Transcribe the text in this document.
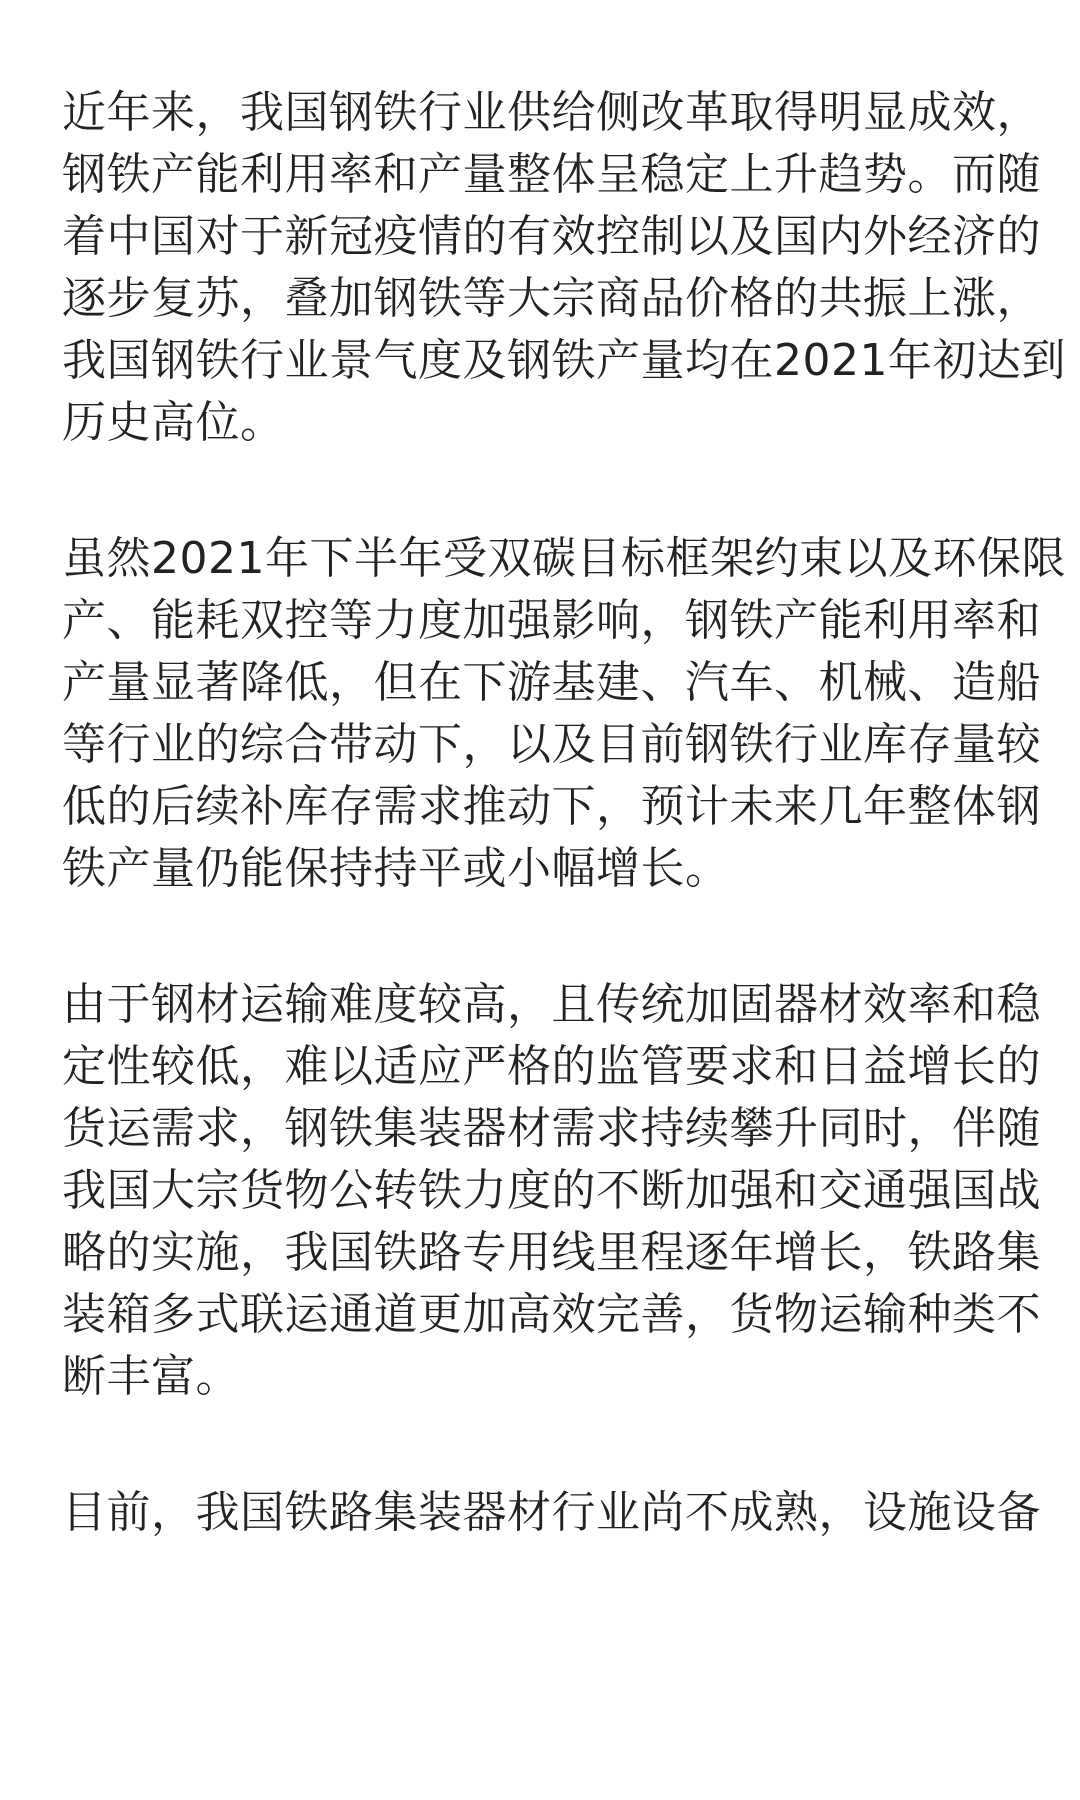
近年来，我国钢铁行业供给侧改革取得明显成效，
钢铁产能利用率和产量整体呈稳定上升趋势。而随
着中国对于新冠疫情的有效控制以及国内外经济的
逐步复苏，叠加钢铁等大宗商品价格的共振上涨，
我国钢铁行业景气度及钢铁产量均在2021年初达到
历史高位。

虽然2021年下半年受双碳目标框架约束以及环保限
产、能耗双控等力度加强影响，钢铁产能利用率和
产量显著降低，但在下游基建、汽车、机械、造船
等行业的综合带动下，以及目前钢铁行业库存量较
低的后续补库存需求推动下，预计未来几年整体钢
铁产量仍能保持持平或小幅增长。

由于钢材运输难度较高，且传统加固器材效率和稳
定性较低，难以适应严格的监管要求和日益增长的
货运需求，钢铁集装器材需求持续攀升同时，伴随
我国大宗货物公转铁力度的不断加强和交通强国战
略的实施，我国铁路专用线里程逐年增长，铁路集
装箱多式联运通道更加高效完善，货物运输种类不
断丰富。

目前，我国铁路集装器材行业尚不成熟，设施设备
